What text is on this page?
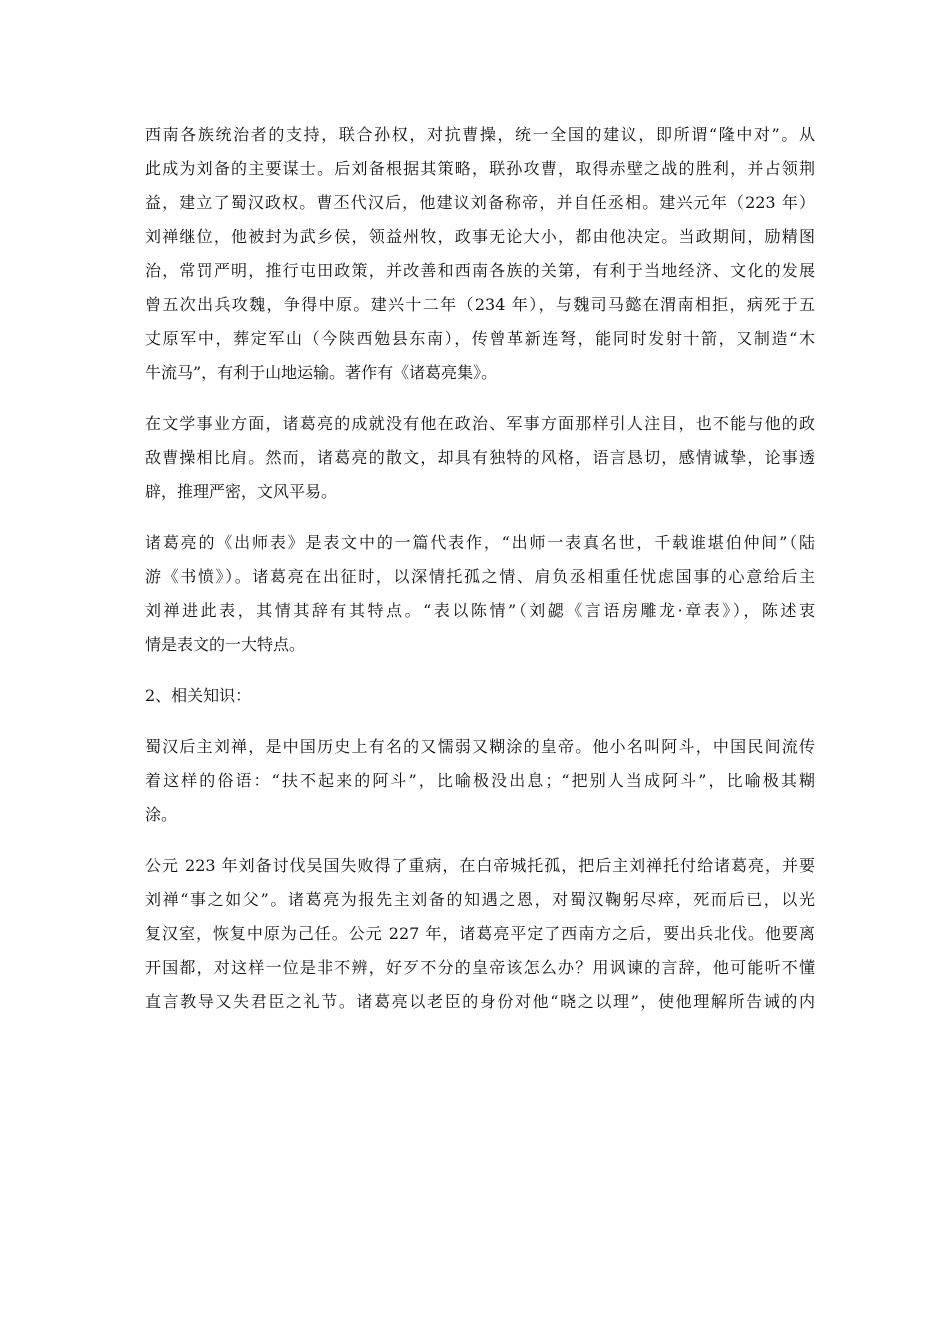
西南各族统治者的支持，联合孙权，对抗曹操，统一全国的建议，即所谓“隆中对”。从
此成为刘备的主要谋士。后刘备根据其策略，联孙攻曹，取得赤壁之战的胜利，并占领荆
益，建立了蜀汉政权。曹丕代汉后，他建议刘备称帝，并自任丞相。建兴元年（223 年）
刘禅继位，他被封为武乡侯，领益州牧，政事无论大小，都由他决定。当政期间，励精图
治，常罚严明，推行屯田政策，并改善和西南各族的关第，有利于当地经济、文化的发展
曾五次出兵攻魏，争得中原。建兴十二年（234 年），与魏司马懿在渭南相拒，病死于五
丈原军中，葬定军山（今陕西勉县东南），传曾革新连弩，能同时发射十箭，又制造“木
牛流马”，有利于山地运输。著作有《诸葛亮集》。
在文学事业方面，诸葛亮的成就没有他在政治、军事方面那样引人注目，也不能与他的政
敌曹操相比肩。然而，诸葛亮的散文，却具有独特的风格，语言恳切，感情诚挚，论事透
辟，推理严密，文风平易。
诸葛亮的《出师表》是表文中的一篇代表作，“出师一表真名世，千载谁堪伯仲间”（陆
游《书愤》）。诸葛亮在出征时，以深情托孤之情、肩负丞相重任忧虑国事的心意给后主
刘禅进此表，其情其辞有其特点。“表以陈情”（刘勰《言语房雕龙·章表》），陈述衷
情是表文的一大特点。
2、相关知识：
蜀汉后主刘禅，是中国历史上有名的又懦弱又糊涂的皇帝。他小名叫阿斗，中国民间流传
着这样的俗语：“扶不起来的阿斗”，比喻极没出息；“把别人当成阿斗”，比喻极其糊
涂。
公元 223 年刘备讨伐吴国失败得了重病，在白帝城托孤，把后主刘禅托付给诸葛亮，并要
刘禅“事之如父”。诸葛亮为报先主刘备的知遇之恩，对蜀汉鞠躬尽瘁，死而后已，以光
复汉室，恢复中原为己任。公元 227 年，诸葛亮平定了西南方之后，要出兵北伐。他要离
开国都，对这样一位是非不辨，好歹不分的皇帝该怎么办？用讽谏的言辞，他可能听不懂
直言教导又失君臣之礼节。诸葛亮以老臣的身份对他“晓之以理”，使他理解所告诫的内
